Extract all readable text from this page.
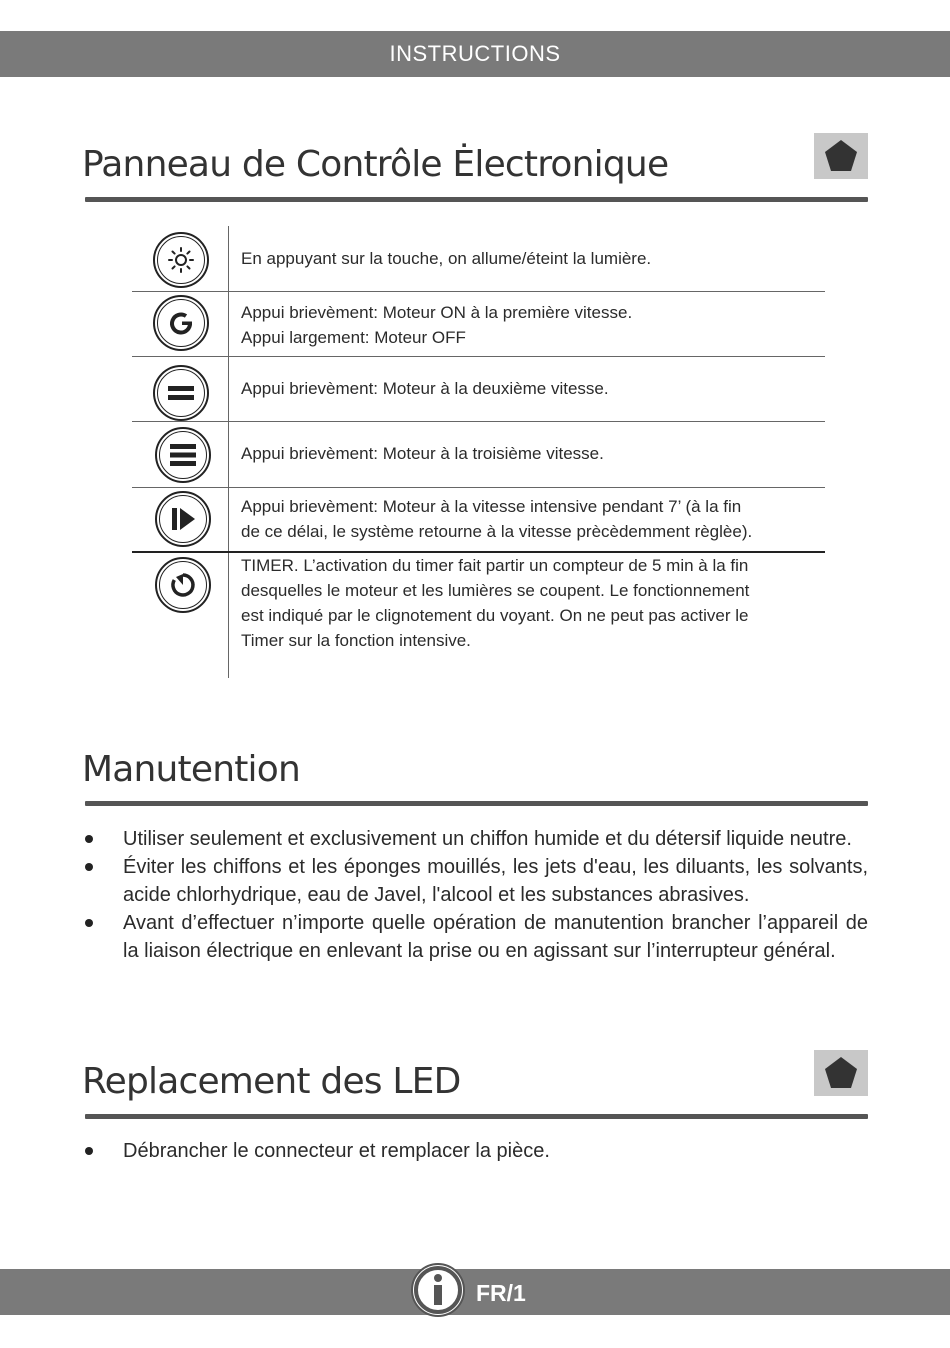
INSTRUCTIONS
Panneau de Contrôle Ėlectronique
En appuyant sur la touche, on allume/éteint la lumière.
Appui brievèment: Moteur ON à la première vitesse.
Appui largement: Moteur OFF
Appui brievèment: Moteur à la deuxième vitesse.
Appui brievèment: Moteur à la troisième vitesse.
Appui brievèment: Moteur à la vitesse intensive pendant 7’ (à la fin
de ce délai, le système retourne à la vitesse prècèdemment règlèe).
TIMER. L’activation du timer fait partir un compteur de 5 min à la fin
desquelles le moteur et les lumières se coupent. Le fonctionnement
est indiqué par le clignotement du voyant. On ne peut pas activer le
Timer sur la fonction intensive.
Manutention
Utiliser seulement et exclusivement un chiffon humide et du détersif liquide neutre.
Éviter les chiffons et les éponges mouillés, les jets d'eau, les diluants, les solvants, acide chlorhydrique, eau de Javel, l'alcool et les substances abrasives.
Avant d’effectuer n’importe quelle opération de manutention brancher l’appareil de la liaison électrique en enlevant la prise ou en agissant sur l’interrupteur général.
Replacement des LED
Débrancher le connecteur et remplacer la pièce.
FR/1
